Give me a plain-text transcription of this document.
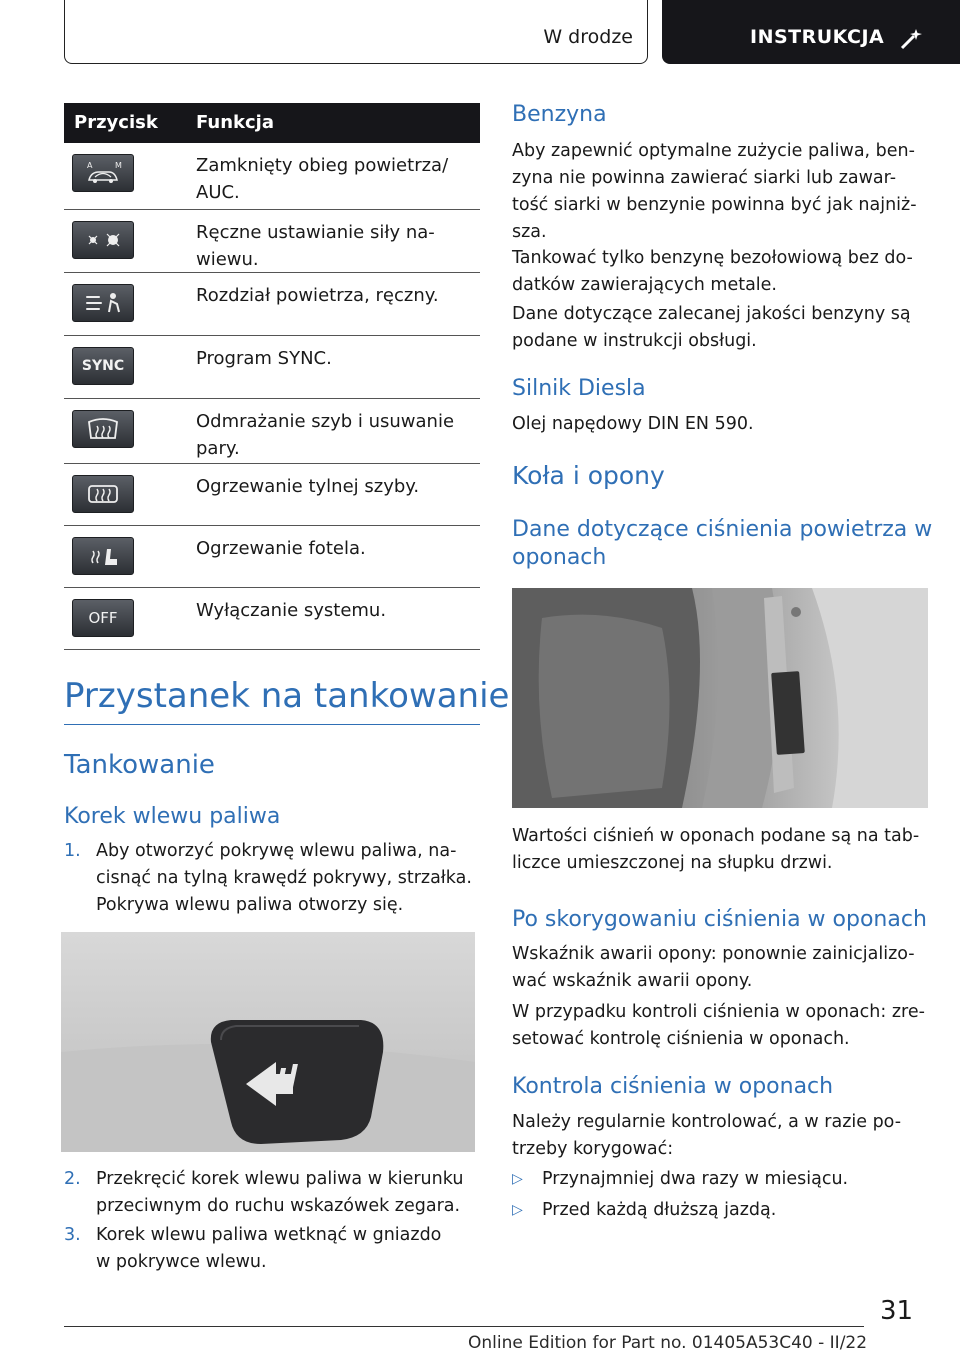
W drodze	INSTRUKCJA
Przycisk Funkcja
A	M	Zamknięty obieg powietrza/ AUC.
Ręczne ustawianie siły na- wiewu.
Rozdział powietrza, ręczny.
SYNC	Program SYNC.
Odmrażanie szyb i usuwanie pary.
Ogrzewanie tylnej szyby.
Ogrzewanie fotela.
OFF	Wyłączanie systemu.
Przystanek na tankowanie
Tankowanie
Korek wlewu paliwa
1. Aby otworzyć pokrywę wlewu paliwa, na-
cisnąć na tylną krawędź pokrywy, strzałka.
Pokrywa wlewu paliwa otworzy się.
2. Przekręcić korek wlewu paliwa w kierunku
przeciwnym do ruchu wskazówek zegara.
3. Korek wlewu paliwa wetknąć w gniazdo
w pokrywce wlewu.
Benzyna
Aby zapewnić optymalne zużycie paliwa, ben-
zyna nie powinna zawierać siarki lub zawar-
tość siarki w benzynie powinna być jak najniż-
sza.
Tankować tylko benzynę bezołowiową bez do-
datków zawierających metale.
Dane dotyczące zalecanej jakości benzyny są
podane w instrukcji obsługi.
Silnik Diesla
Olej napędowy DIN EN 590.
Koła i opony
Dane dotyczące ciśnienia powietrza w
oponach
Wartości ciśnień w oponach podane są na tab-
liczce umieszczonej na słupku drzwi.
Po skorygowaniu ciśnienia w oponach
Wskaźnik awarii opony: ponownie zainicjalizo-
wać wskaźnik awarii opony.
W przypadku kontroli ciśnienia w oponach: zre-
setować kontrolę ciśnienia w oponach.
Kontrola ciśnienia w oponach
Należy regularnie kontrolować, a w razie po-
trzeby korygować:
▷ Przynajmniej dwa razy w miesiącu.
▷ Przed każdą dłuższą jazdą.
31
Online Edition for Part no. 01405A53C40 - II/22
